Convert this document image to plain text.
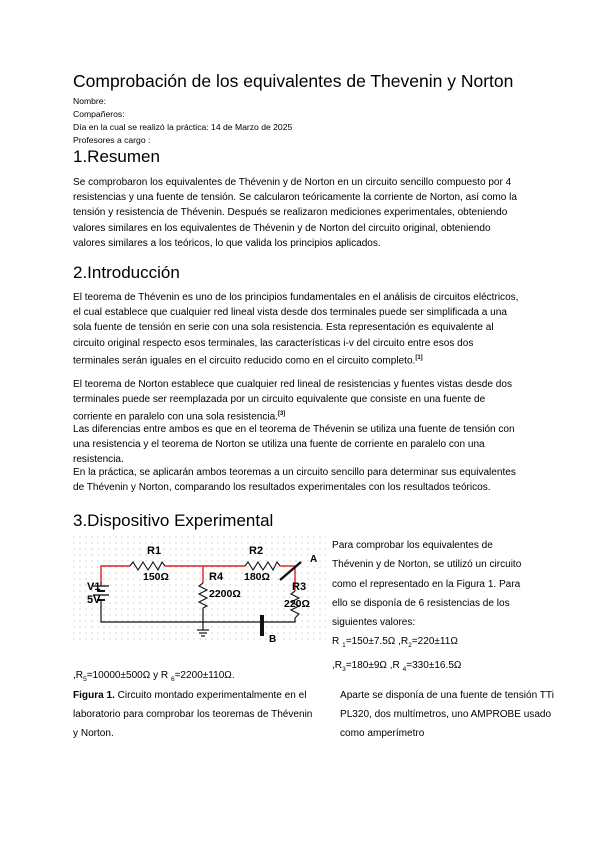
Comprobación de los equivalentes de Thevenin y Norton
Nombre:
Compañeros:
Día en la cual se realizó la práctica: 14 de Marzo de 2025
Profesores a cargo :
1.Resumen

Se comprobaron los equivalentes de Thévenin y de Norton en un circuito sencillo compuesto por 4 resistencias y una fuente de tensión. Se calcularon teóricamente la corriente de Norton, así como la tensión y resistencia de Thévenin. Después se realizaron mediciones experimentales, obteniendo valores similares en los equivalentes de Thévenin y de Norton del circuito original, obteniendo valores similares a los teóricos, lo que valida los principios aplicados.

2.Introducción

El teorema de Thévenin es uno de los principios fundamentales en el análisis de circuitos eléctricos, el cual establece que cualquier red lineal vista desde dos terminales puede ser simplificada a una sola fuente de tensión en serie con una sola resistencia. Esta representación es equivalente al circuito original respecto esos terminales, las características i-v del circuito entre esos dos terminales serán iguales en el circuito reducido como en el circuito completo.[1]

El teorema de Norton establece que cualquier red lineal de resistencias y fuentes vistas desde dos terminales puede ser reemplazada por un circuito equivalente que consiste en una fuente de corriente en paralelo con una sola resistencia.[3]

Las diferencias entre ambos es que en el teorema de Thévenin se utiliza una fuente de tensión con una resistencia y el teorema de Norton se utiliza una fuente de corriente en paralelo con una resistencia.

En la práctica, se aplicarán ambos teoremas a un circuito sencillo para determinar sus equivalentes de Thévenin y Norton, comparando los resultados experimentales con los resultados teóricos.

3.Dispositivo Experimental
V1
5V
R1
150Ω
R2
180Ω
R4
2200Ω
R3
220Ω
A
B

Para comprobar los equivalentes de Thévenin y de Norton, se utilizó un circuito como el representado en la Figura 1. Para ello se disponía de 6 resistencias de los siguientes valores:
R $_1$=150±7.5Ω $,R_2=220\pm 11\Omega$
$,R_3=180\pm 9\Omega$ ,R $_4$=330±16.5Ω

$,R_5=10000\pm 500\Omega$ y R $_6$=2200±110Ω.

Figura 1. Circuito montado experimentalmente en el laboratorio para comprobar los teoremas de Thévenin y Norton.

Aparte se disponía de una fuente de tensión TTi PL320, dos multímetros, uno AMPROBE usado como amperímetro
